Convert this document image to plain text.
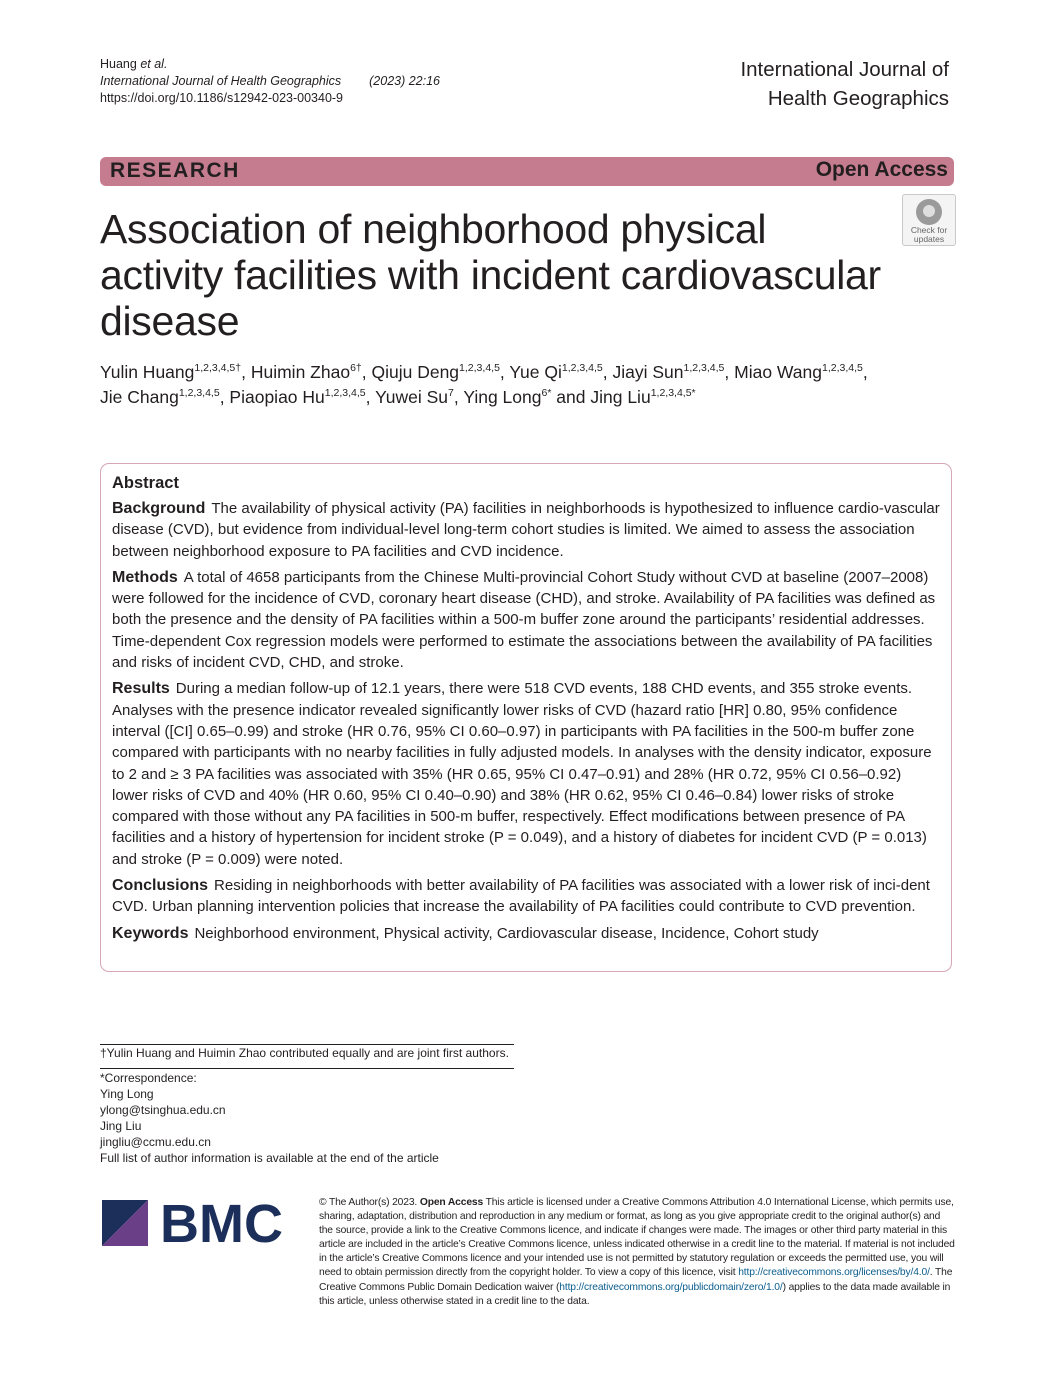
Huang et al.
International Journal of Health Geographics (2023) 22:16
https://doi.org/10.1186/s12942-023-00340-9
International Journal of
Health Geographics
RESEARCH	Open Access
Association of neighborhood physical activity facilities with incident cardiovascular disease
Check for
updates
Yulin Huang$^{1,2,3,4,5\dagger}$, Huimin Zhao$^{6\dagger}$, Qiuju Deng$^{1,2,3,4,5}$, Yue Qi$^{1,2,3,4,5}$, Jiayi Sun$^{1,2,3,4,5}$, Miao Wang$^{1,2,3,4,5}$,
Jie Chang$^{1,2,3,4,5}$, Piaopiao Hu$^{1,2,3,4,5}$, Yuwei Su$^7$, Ying Long$^{6*}$ and Jing Liu$^{1,2,3,4,5*}$
Abstract
Background The availability of physical activity (PA) facilities in neighborhoods is hypothesized to influence cardio-vascular disease (CVD), but evidence from individual-level long-term cohort studies is limited. We aimed to assess the association between neighborhood exposure to PA facilities and CVD incidence.
Methods A total of 4658 participants from the Chinese Multi-provincial Cohort Study without CVD at baseline (2007–2008) were followed for the incidence of CVD, coronary heart disease (CHD), and stroke. Availability of PA facilities was defined as both the presence and the density of PA facilities within a 500-m buffer zone around the participants’ residential addresses. Time-dependent Cox regression models were performed to estimate the associations between the availability of PA facilities and risks of incident CVD, CHD, and stroke.
Results During a median follow-up of 12.1 years, there were 518 CVD events, 188 CHD events, and 355 stroke events. Analyses with the presence indicator revealed significantly lower risks of CVD (hazard ratio [HR] 0.80, 95% confidence interval ([CI] 0.65–0.99) and stroke (HR 0.76, 95% CI 0.60–0.97) in participants with PA facilities in the 500-m buffer zone compared with participants with no nearby facilities in fully adjusted models. In analyses with the density indicator, exposure to 2 and ≥ 3 PA facilities was associated with 35% (HR 0.65, 95% CI 0.47–0.91) and 28% (HR 0.72, 95% CI 0.56–0.92) lower risks of CVD and 40% (HR 0.60, 95% CI 0.40–0.90) and 38% (HR 0.62, 95% CI 0.46–0.84) lower risks of stroke compared with those without any PA facilities in 500-m buffer, respectively. Effect modifications between presence of PA facilities and a history of hypertension for incident stroke (P = 0.049), and a history of diabetes for incident CVD (P = 0.013) and stroke (P = 0.009) were noted.
Conclusions Residing in neighborhoods with better availability of PA facilities was associated with a lower risk of inci-dent CVD. Urban planning intervention policies that increase the availability of PA facilities could contribute to CVD prevention.
Keywords Neighborhood environment, Physical activity, Cardiovascular disease, Incidence, Cohort study
†Yulin Huang and Huimin Zhao contributed equally and are joint first authors.
*Correspondence:
Ying Long
ylong@tsinghua.edu.cn
Jing Liu
jingliu@ccmu.edu.cn
Full list of author information is available at the end of the article
BMC	© The Author(s) 2023. Open Access This article is licensed under a Creative Commons Attribution 4.0 International License, which permits use, sharing, adaptation, distribution and reproduction in any medium or format, as long as you give appropriate credit to the original author(s) and the source, provide a link to the Creative Commons licence, and indicate if changes were made. The images or other third party material in this article are included in the article’s Creative Commons licence, unless indicated otherwise in a credit line to the material. If material is not included in the article’s Creative Commons licence and your intended use is not permitted by statutory regulation or exceeds the permitted use, you will need to obtain permission directly from the copyright holder. To view a copy of this licence, visit http://creativecommons.org/licenses/by/4.0/. The Creative Commons Public Domain Dedication waiver (http://creativecommons.org/publicdomain/zero/1.0/) applies to the data made available in this article, unless otherwise stated in a credit line to the data.
